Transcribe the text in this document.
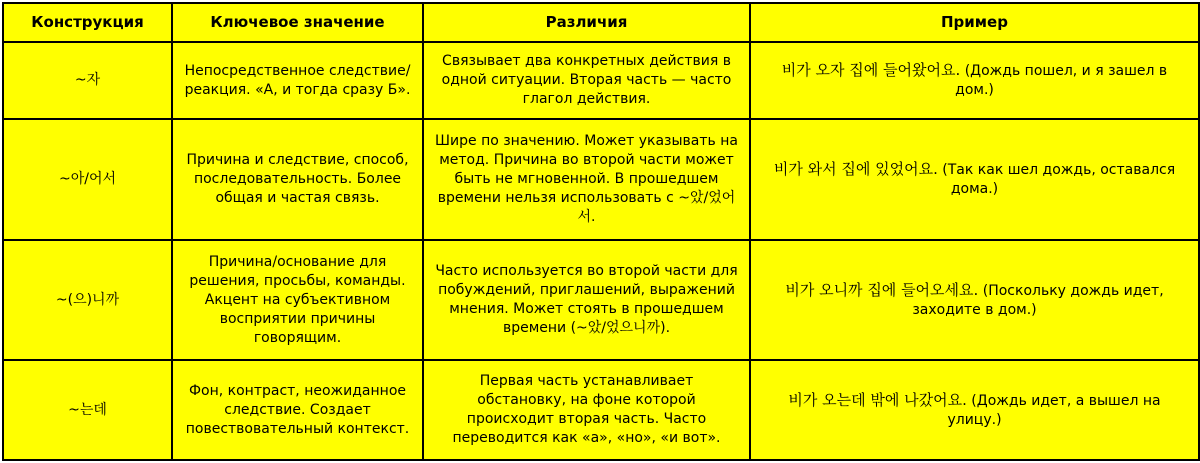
Конструкция	Ключевое значение	Различия	Пример
~자	Непосредственное следствие/реакция. «А, и тогда сразу Б».	Связывает два конкретных действия в одной ситуации. Вторая часть — часто глагол действия.	비가 오자 집에 들어왔어요. (Дождь пошел, и я зашел в дом.)
~아/어서	Причина и следствие, способ, последовательность. Более общая и частая связь.	Шире по значению. Может указывать на метод. Причина во второй части может быть не мгновенной. В прошедшем времени нельзя использовать с ~았/었어서.	비가 와서 집에 있었어요. (Так как шел дождь, оставался дома.)
~(으)니까	Причина/основание для решения, просьбы, команды. Акцент на субъективном восприятии причины говорящим.	Часто используется во второй части для побуждений, приглашений, выражений мнения. Может стоять в прошедшем времени (~았/었으니까).	비가 오니까 집에 들어오세요. (Поскольку дождь идет, заходите в дом.)
~는데	Фон, контраст, неожиданное следствие. Создает повествовательный контекст.	Первая часть устанавливает обстановку, на фоне которой происходит вторая часть. Часто переводится как «а», «но», «и вот».	비가 오는데 밖에 나갔어요. (Дождь идет, а вышел на улицу.)
